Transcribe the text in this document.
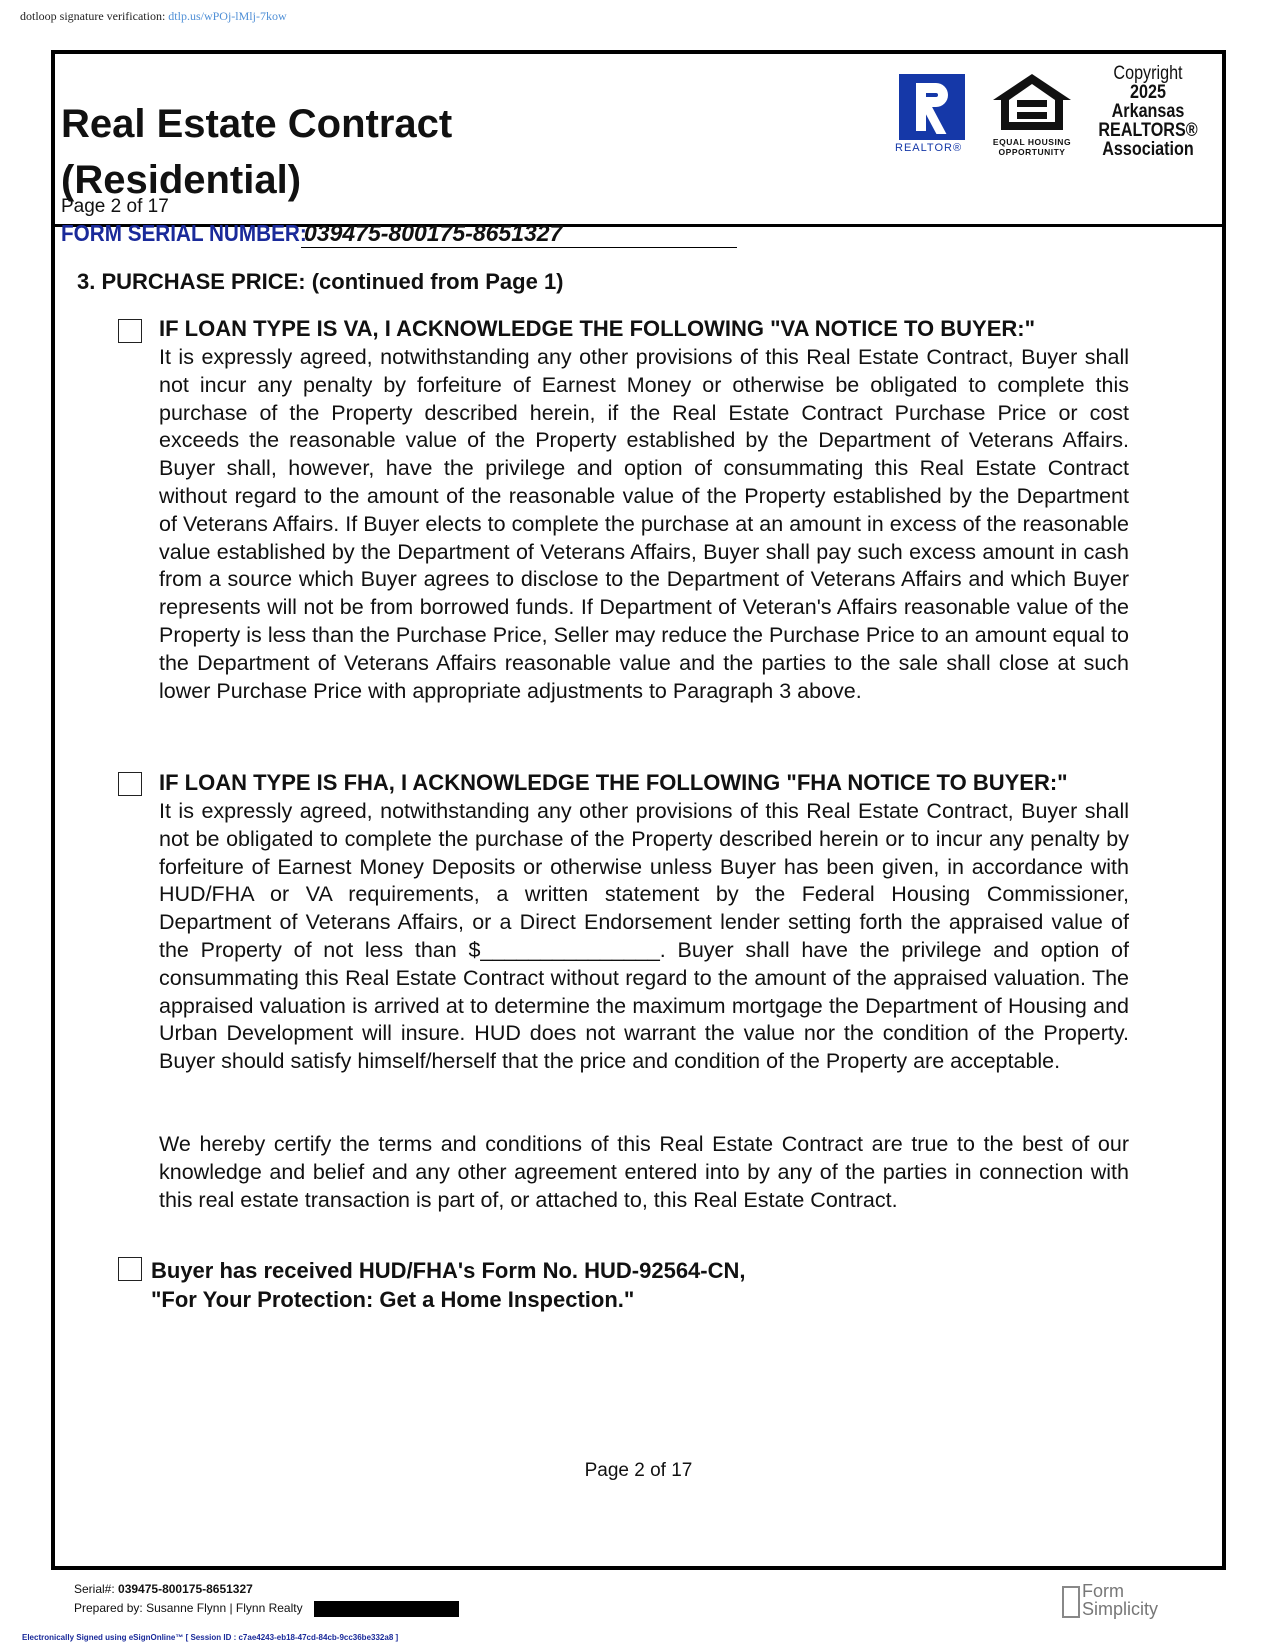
dotloop signature verification: dtlp.us/wPOj-lMlj-7kow
Real Estate Contract
(Residential)
Page 2 of 17
REALTOR®	EQUAL HOUSING
OPPORTUNITY
Copyright
2025
Arkansas
REALTORS®
Association
FORM SERIAL NUMBER:
039475-800175-8651327
3. PURCHASE PRICE: (continued from Page 1)
IF LOAN TYPE IS VA, I ACKNOWLEDGE THE FOLLOWING "VA NOTICE TO BUYER:"
It is expressly agreed, notwithstanding any other provisions of this Real Estate Contract, Buyer shall not incur any penalty by forfeiture of Earnest Money or otherwise be obligated to complete this purchase of the Property described herein, if the Real Estate Contract Purchase Price or cost exceeds the reasonable value of the Property established by the Department of Veterans Affairs. Buyer shall, however, have the privilege and option of consummating this Real Estate Contract without regard to the amount of the reasonable value of the Property established by the Department of Veterans Affairs. If Buyer elects to complete the purchase at an amount in excess of the reasonable value established by the Department of Veterans Affairs, Buyer shall pay such excess amount in cash from a source which Buyer agrees to disclose to the Department of Veterans Affairs and which Buyer represents will not be from borrowed funds. If Department of Veteran's Affairs reasonable value of the Property is less than the Purchase Price, Seller may reduce the Purchase Price to an amount equal to the Department of Veterans Affairs reasonable value and the parties to the sale shall close at such lower Purchase Price with appropriate adjustments to Paragraph 3 above.
IF LOAN TYPE IS FHA, I ACKNOWLEDGE THE FOLLOWING "FHA NOTICE TO BUYER:"
It is expressly agreed, notwithstanding any other provisions of this Real Estate Contract, Buyer shall not be obligated to complete the purchase of the Property described herein or to incur any penalty by forfeiture of Earnest Money Deposits or otherwise unless Buyer has been given, in accordance with HUD/FHA or VA requirements, a written statement by the Federal Housing Commissioner, Department of Veterans Affairs, or a Direct Endorsement lender setting forth the appraised value of the Property of not less than $_______________. Buyer shall have the privilege and option of consummating this Real Estate Contract without regard to the amount of the appraised valuation. The appraised valuation is arrived at to determine the maximum mortgage the Department of Housing and Urban Development will insure. HUD does not warrant the value nor the condition of the Property. Buyer should satisfy himself/herself that the price and condition of the Property are acceptable.
We hereby certify the terms and conditions of this Real Estate Contract are true to the best of our knowledge and belief and any other agreement entered into by any of the parties in connection with this real estate transaction is part of, or attached to, this Real Estate Contract.
Buyer has received HUD/FHA's Form No. HUD-92564-CN,
"For Your Protection: Get a Home Inspection."
Page 2 of 17
Serial#: 039475-800175-8651327
Prepared by: Susanne Flynn | Flynn Realty
Form
Simplicity
Electronically Signed using eSignOnline™ [ Session ID : c7ae4243-eb18-47cd-84cb-9cc36be332a8 ]
